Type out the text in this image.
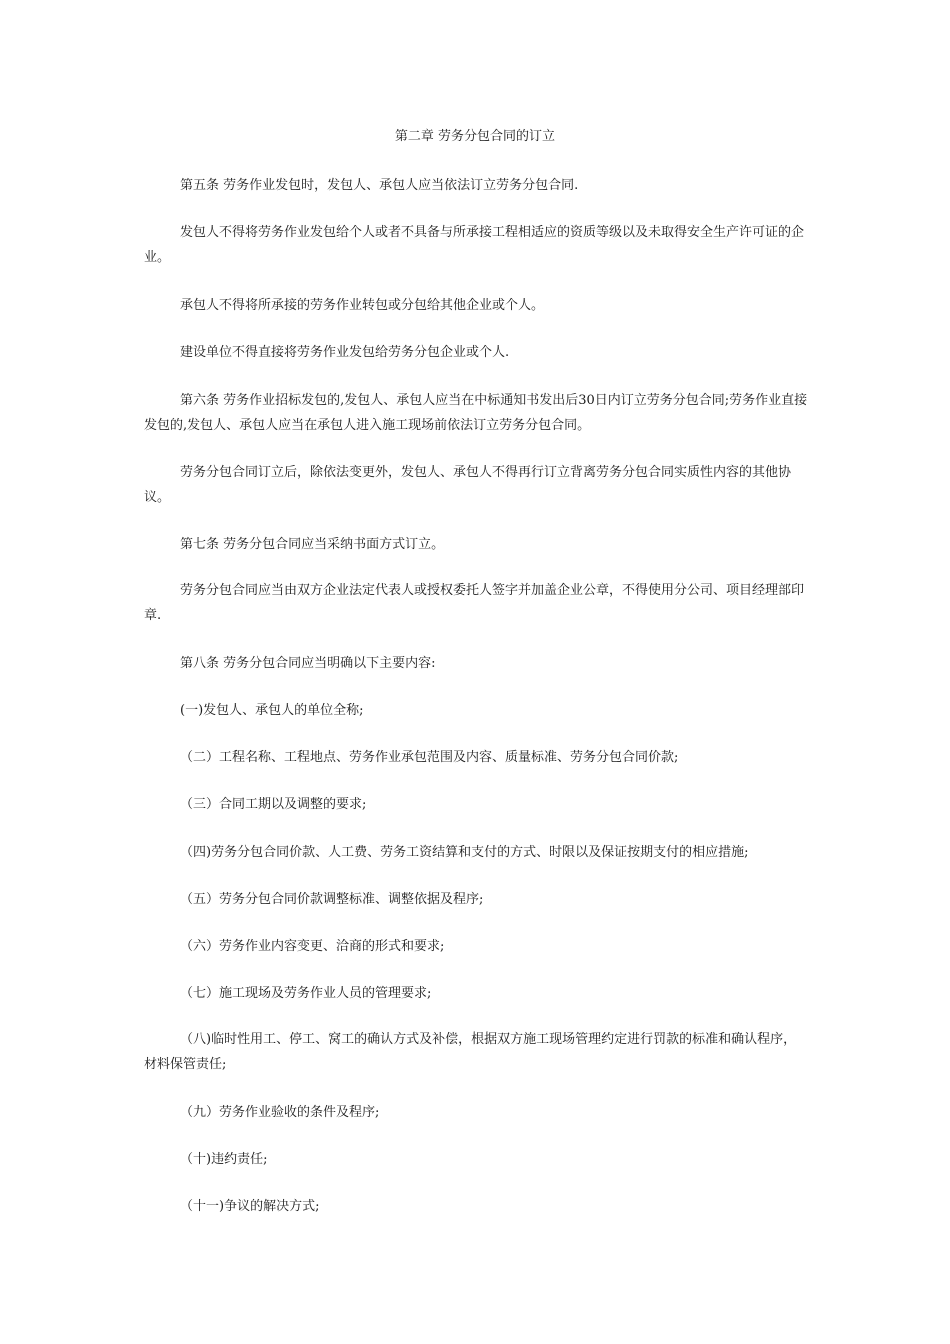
第二章 劳务分包合同的订立

第五条 劳务作业发包时，发包人、承包人应当依法订立劳务分包合同.

发包人不得将劳务作业发包给个人或者不具备与所承接工程相适应的资质等级以及未取得安全生产许可证的企业。

承包人不得将所承接的劳务作业转包或分包给其他企业或个人。

建设单位不得直接将劳务作业发包给劳务分包企业或个人.

第六条 劳务作业招标发包的,发包人、承包人应当在中标通知书发出后30日内订立劳务分包合同;劳务作业直接发包的,发包人、承包人应当在承包人进入施工现场前依法订立劳务分包合同。

劳务分包合同订立后，除依法变更外，发包人、承包人不得再行订立背离劳务分包合同实质性内容的其他协议。

第七条 劳务分包合同应当采纳书面方式订立。

劳务分包合同应当由双方企业法定代表人或授权委托人签字并加盖企业公章，不得使用分公司、项目经理部印章.

第八条 劳务分包合同应当明确以下主要内容:

(一)发包人、承包人的单位全称;

（二）工程名称、工程地点、劳务作业承包范围及内容、质量标准、劳务分包合同价款;

（三）合同工期以及调整的要求;

（四)劳务分包合同价款、人工费、劳务工资结算和支付的方式、时限以及保证按期支付的相应措施;

（五）劳务分包合同价款调整标准、调整依据及程序;

（六）劳务作业内容变更、洽商的形式和要求;

（七）施工现场及劳务作业人员的管理要求;

（八)临时性用工、停工、窝工的确认方式及补偿，根据双方施工现场管理约定进行罚款的标准和确认程序，材料保管责任;

（九）劳务作业验收的条件及程序;

（十)违约责任;

（十一)争议的解决方式;
